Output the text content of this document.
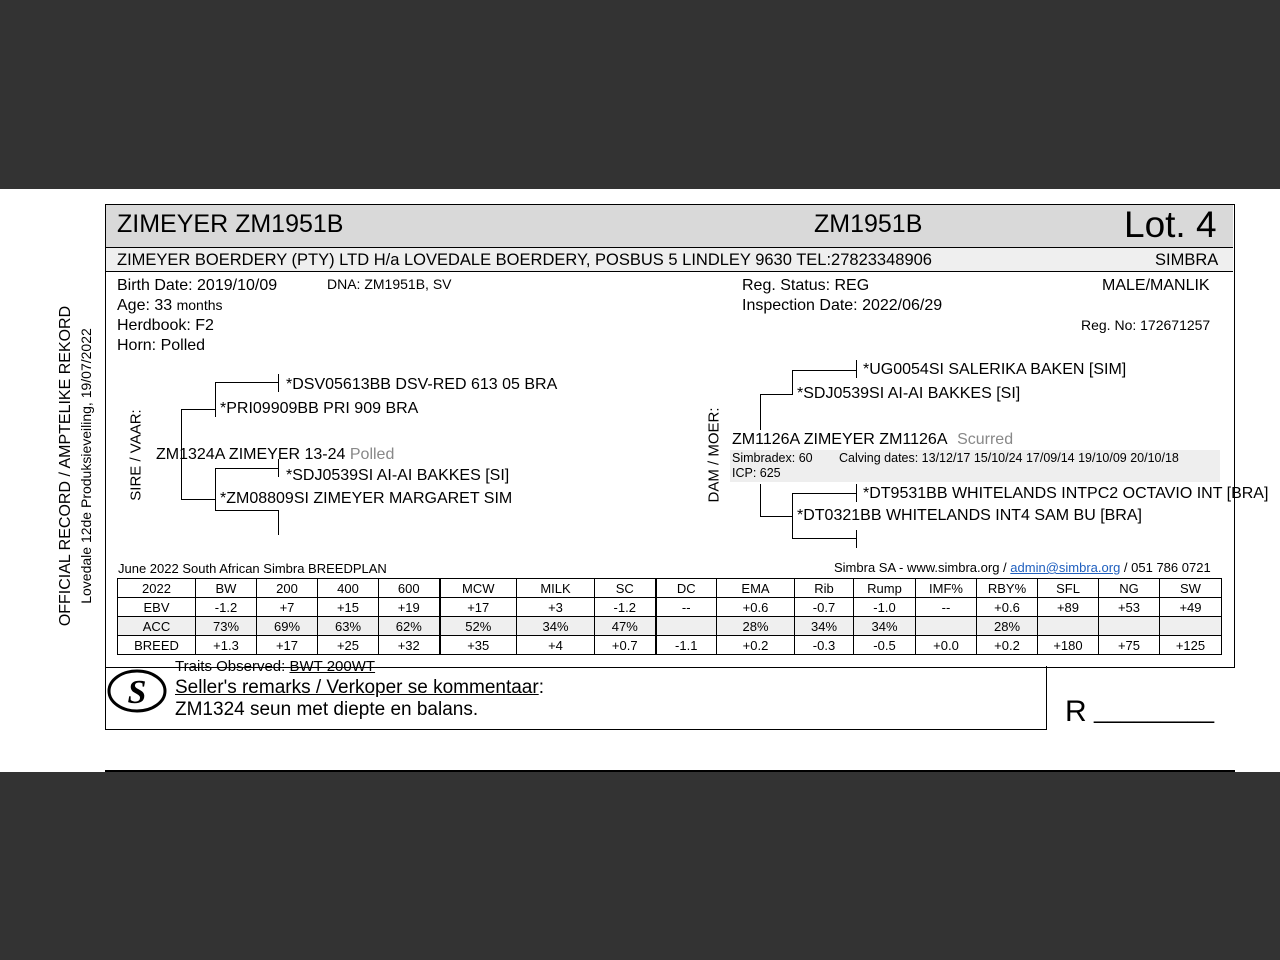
OFFICIAL RECORD / AMPTELIKE REKORD Lovedale 12de Produksieveiling, 19/07/2022
ZIMEYER ZM1951B	ZM1951B	Lot. 4
ZIMEYER BOERDERY (PTY) LTD H/a LOVEDALE BOERDERY, POSBUS 5 LINDLEY 9630 TEL:27823348906	SIMBRA
Birth Date: 2019/10/09	DNA: ZM1951B, SV
Age: 33 months
Herdbook: F2
Horn: Polled
Reg. Status: REG
Inspection Date: 2022/06/29
MALE/MANLIK
Reg. No: 172671257
SIRE / VAAR:
*DSV05613BB DSV-RED 613 05 BRA
*PRI09909BB PRI 909 BRA
ZM1324A ZIMEYER 13-24 Polled
*SDJ0539SI AI-AI BAKKES [SI]
*ZM08809SI ZIMEYER MARGARET SIM	DAM / MOER:
*UG0054SI SALERIKA BAKEN [SIM]
*SDJ0539SI AI-AI BAKKES [SI]
ZM1126A ZIMEYER ZM1126A Scurred
Simbradex: 60 Calving dates: 13/12/17 15/10/24 17/09/14 19/10/09 20/10/18
ICP: 625
*DT9531BB WHITELANDS INTPC2 OCTAVIO INT [BRA]
*DT0321BB WHITELANDS INT4 SAM BU [BRA]
June 2022 South African Simbra BREEDPLAN	Simbra SA - www.simbra.org / admin@simbra.org / 051 786 0721
2022	BW	200	400	600	MCW	MILK	SC	DC	EMA	Rib	Rump	IMF%	RBY%	SFL	NG	SW
EBV	-1.2	+7	+15	+19	+17	+3	-1.2	--	+0.6	-0.7	-1.0	--	+0.6	+89	+53	+49
ACC	73%	69%	63%	62%	52%	34%	47%		28%	34%	34%		28%			
BREED	+1.3	+17	+25	+32	+35	+4	+0.7	-1.1	+0.2	-0.3	-0.5	+0.0	+0.2	+180	+75	+125
S
Traits Observed: BWT 200WT
Seller's remarks / Verkoper se kommentaar:
ZM1324 seun met diepte en balans.	R _________
